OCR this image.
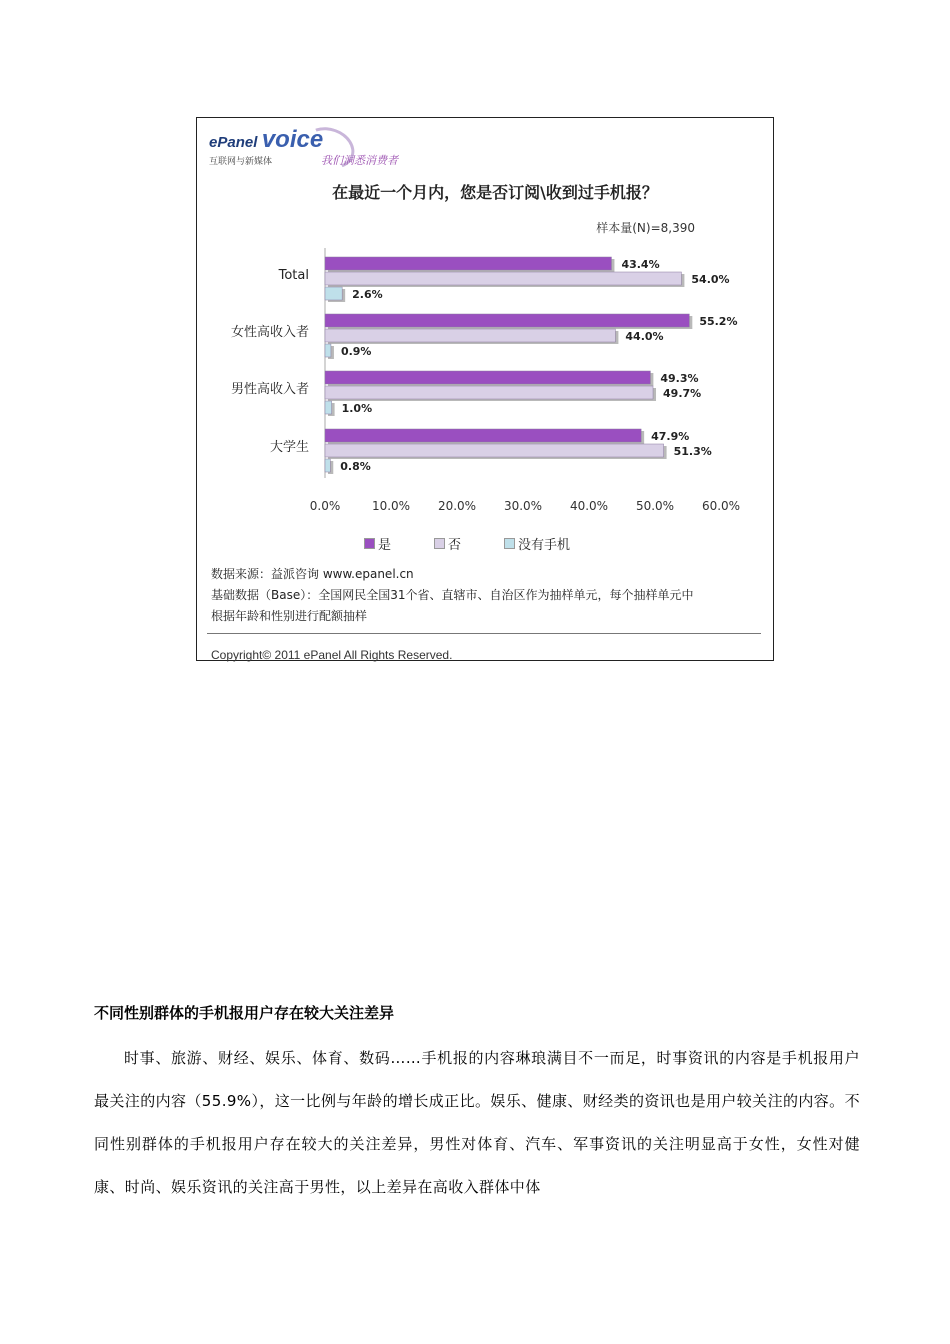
ePanel voice
互联网与新媒体	我们洞悉消费者
在最近一个月内，您是否订阅\收到过手机报？
样本量(N)=8,390
Total
43.4%
54.0%
2.6%
女性高收入者
55.2%
44.0%
0.9%
男性高收入者
49.3%
49.7%
1.0%
大学生
47.9%
51.3%
0.8%
0.0%	10.0% 20.0% 30.0% 40.0% 50.0% 60.0%
是	否	没有手机
数据来源：益派咨询 www.epanel.cn
基础数据（Base）：全国网民全国31个省、直辖市、自治区作为抽样单元，每个抽样单元中
根据年龄和性别进行配额抽样
Copyright© 2011 ePanel All Rights Reserved.
不同性别群体的手机报用户存在较大关注差异

时事、旅游、财经、娱乐、体育、数码……手机报的内容琳琅满目不一而足，时事资讯的内容是手机报用户最关注的内容（55.9%），这一比例与年龄的增长成正比。娱乐、健康、财经类的资讯也是用户较关注的内容。不同性别群体的手机报用户存在较大的关注差异，男性对体育、汽车、军事资讯的关注明显高于女性，女性对健康、时尚、娱乐资讯的关注高于男性，以上差异在高收入群体中体
